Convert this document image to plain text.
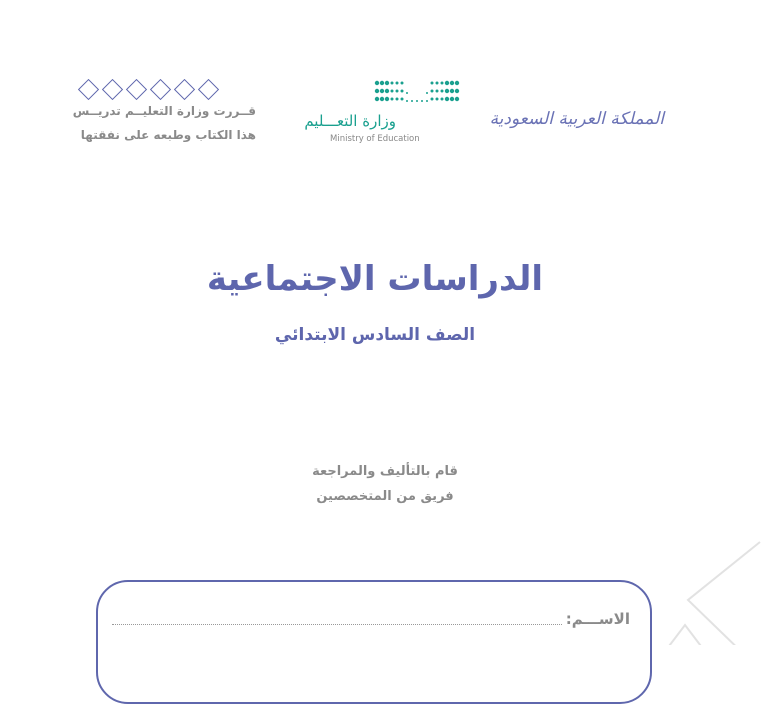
قــررت وزارة التعليــم تدريــس
هذا الكتاب وطبعه على نفقتها
وزارة التعـــليم
Ministry of Education
المملكة العربية السعودية
الدراسات الاجتماعية
الصف السادس الابتدائي
قام بالتأليف والمراجعة
فريق من المتخصصين
الاســـم:
